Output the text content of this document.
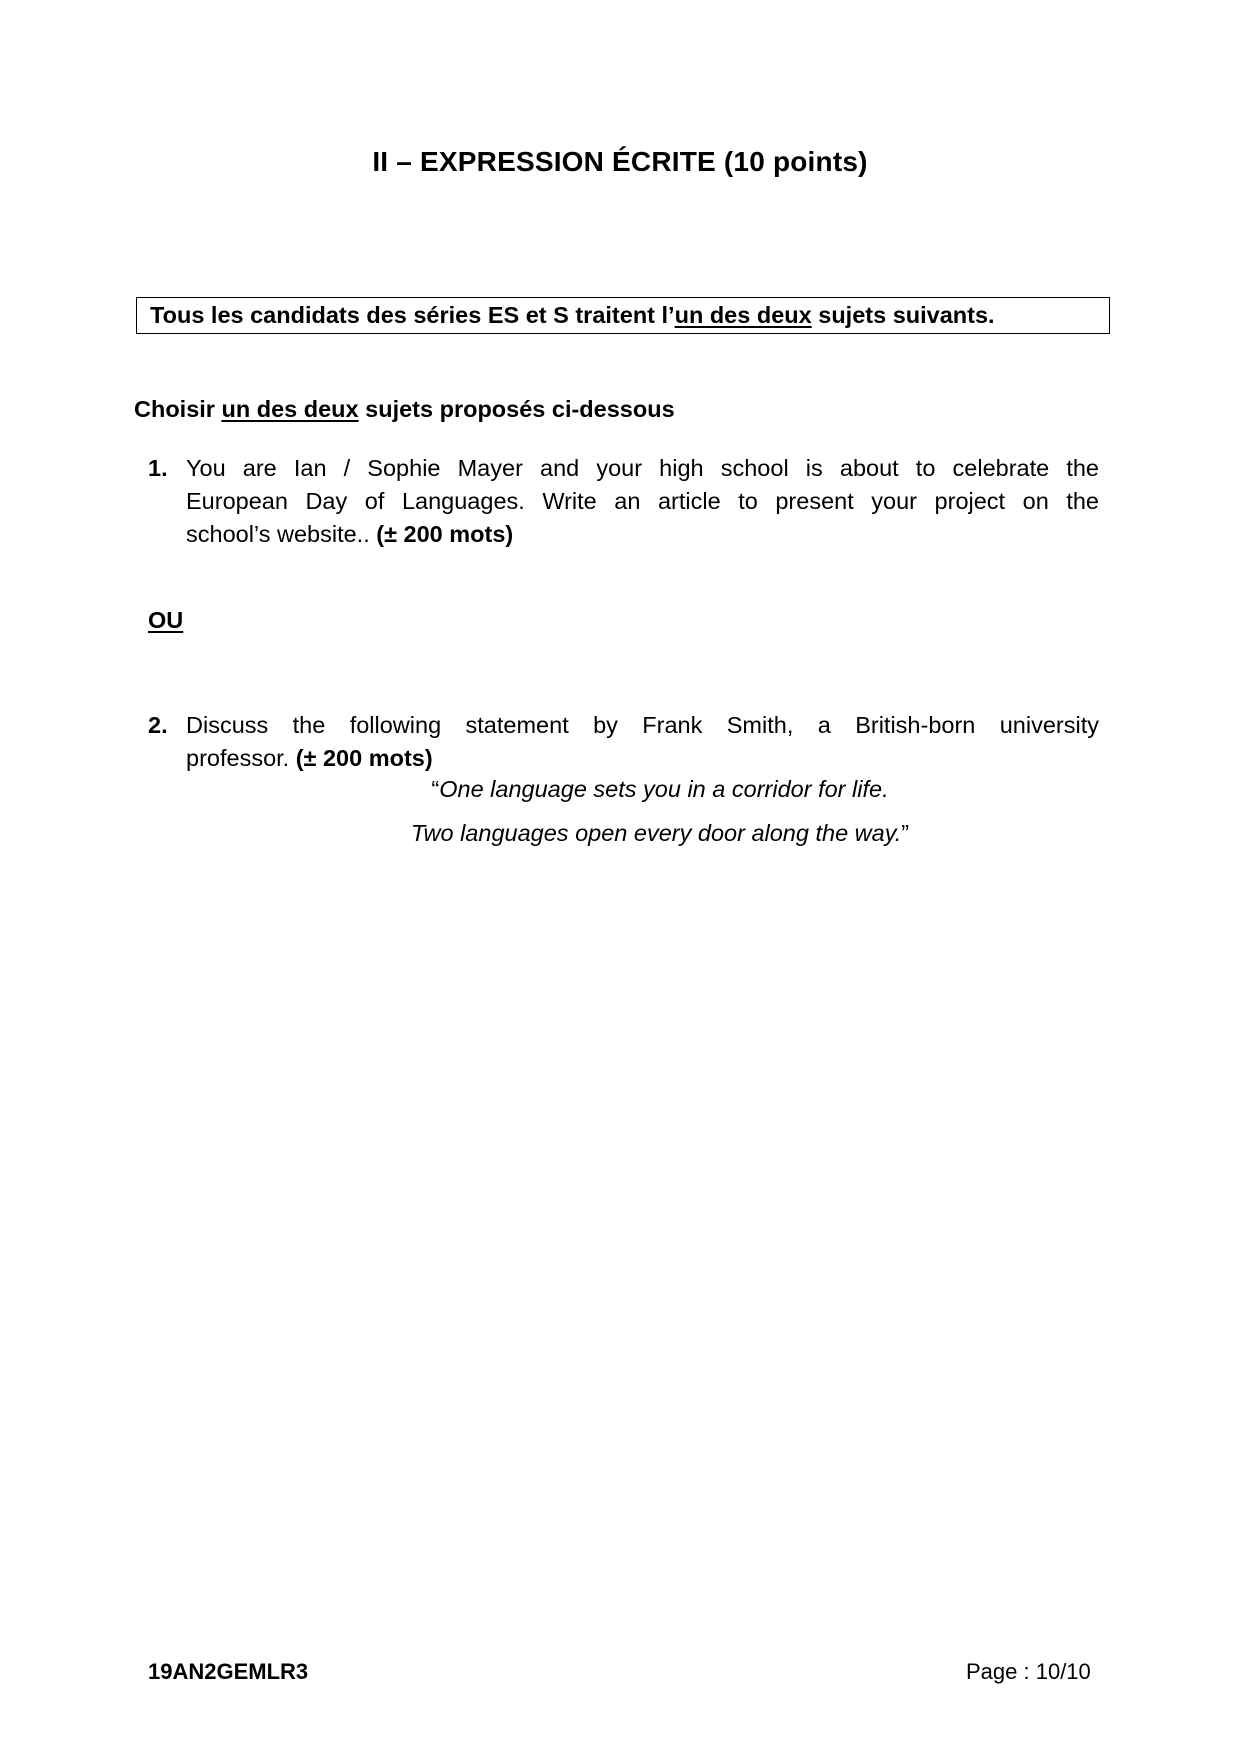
II – EXPRESSION ÉCRITE (10 points)
Tous les candidats des séries ES et S traitent l’un des deux sujets suivants.
Choisir un des deux sujets proposés ci-dessous
1. You are Ian / Sophie Mayer and your high school is about to celebrate the
European Day of Languages. Write an article to present your project on the
school’s website.. (± 200 mots)
OU
2. Discuss the following statement by Frank Smith, a British-born university
professor. (± 200 mots)
“One language sets you in a corridor for life.
Two languages open every door along the way.”
19AN2GEMLR3	Page : 10/10
